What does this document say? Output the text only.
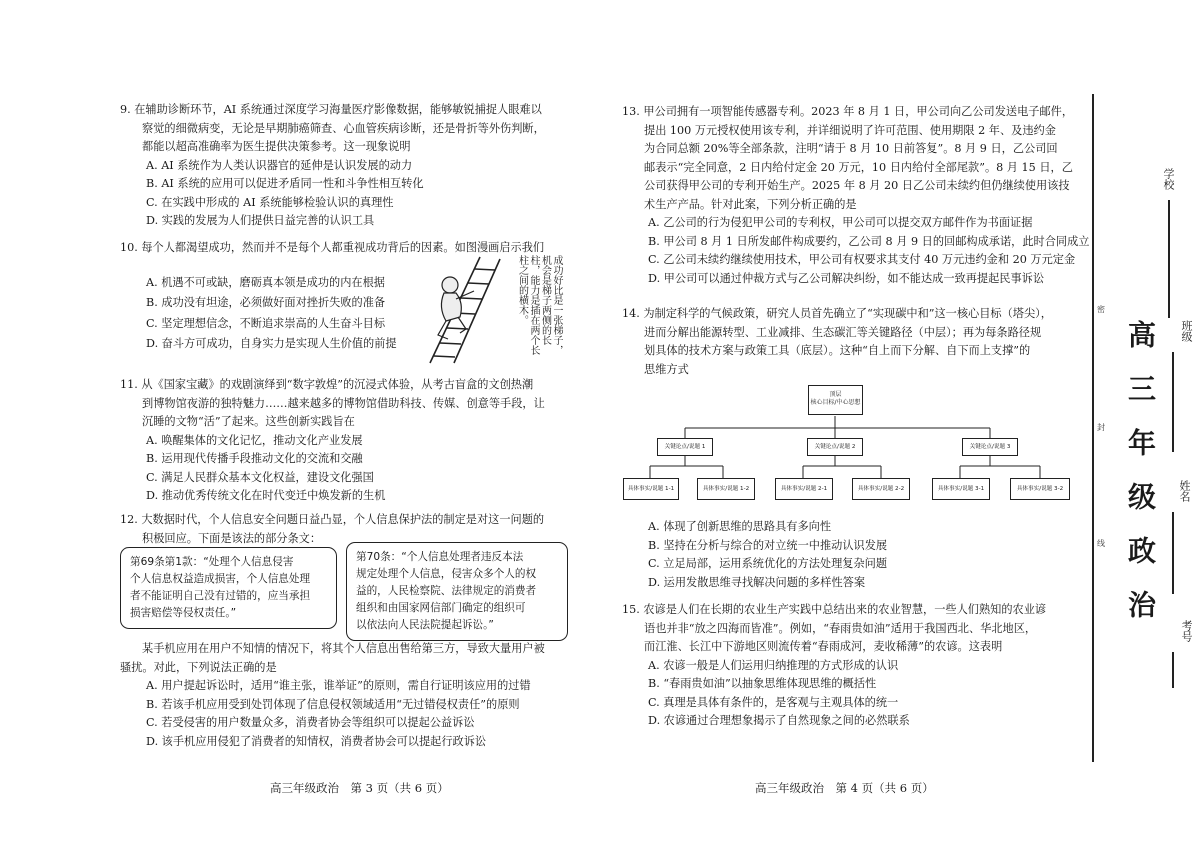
9. 在辅助诊断环节，AI 系统通过深度学习海量医疗影像数据，能够敏锐捕捉人眼难以

察觉的细微病变，无论是早期肺癌筛查、心血管疾病诊断，还是骨折等外伤判断，

都能以超高准确率为医生提供决策参考。这一现象说明

A. AI 系统作为人类认识器官的延伸是认识发展的动力

B. AI 系统的应用可以促进矛盾同一性和斗争性相互转化

C. 在实践中形成的 AI 系统能够检验认识的真理性

D. 实践的发展为人们提供日益完善的认识工具

10. 每个人都渴望成功，然而并不是每个人都重视成功背后的因素。如图漫画启示我们

A. 机遇不可或缺，磨砺真本领是成功的内在根据

B. 成功没有坦途，必须做好面对挫折失败的准备

C. 坚定理想信念，不断追求崇高的人生奋斗目标

D. 奋斗方可成功，自身实力是实现人生价值的前提	成功好比是一张梯子，机会是梯子两侧的长柱，能力是插在两个长柱之间的横木。

11. 从《国家宝藏》的戏剧演绎到“数字敦煌”的沉浸式体验，从考古盲盒的文创热潮

到博物馆夜游的独特魅力……越来越多的博物馆借助科技、传媒、创意等手段，让

沉睡的文物“活”了起来。这些创新实践旨在

A. 唤醒集体的文化记忆，推动文化产业发展

B. 运用现代传播手段推动文化的交流和交融

C. 满足人民群众基本文化权益，建设文化强国

D. 推动优秀传统文化在时代变迁中焕发新的生机

12. 大数据时代，个人信息安全问题日益凸显，个人信息保护法的制定是对这一问题的

积极回应。下面是该法的部分条文：

第69条第1款：“处理个人信息侵害

个人信息权益造成损害，个人信息处理

者不能证明自己没有过错的，应当承担

损害赔偿等侵权责任。”

第70条：“个人信息处理者违反本法

规定处理个人信息，侵害众多个人的权

益的，人民检察院、法律规定的消费者

组织和由国家网信部门确定的组织可

以依法向人民法院提起诉讼。”

某手机应用在用户不知情的情况下，将其个人信息出售给第三方，导致大量用户被

骚扰。对此，下列说法正确的是

A. 用户提起诉讼时，适用“谁主张，谁举证”的原则，需自行证明该应用的过错

B. 若该手机应用受到处罚体现了信息侵权领域适用“无过错侵权责任”的原则

C. 若受侵害的用户数量众多，消费者协会等组织可以提起公益诉讼

D. 该手机应用侵犯了消费者的知情权，消费者协会可以提起行政诉讼

高三年级政治　第 3 页（共 6 页）

13. 甲公司拥有一项智能传感器专利。2023 年 8 月 1 日，甲公司向乙公司发送电子邮件，

提出 100 万元授权使用该专利，并详细说明了许可范围、使用期限 2 年、及违约金

为合同总额 20%等全部条款，注明“请于 8 月 10 日前答复”。8 月 9 日，乙公司回

邮表示“完全同意，2 日内给付定金 20 万元，10 日内给付全部尾款”。8 月 15 日，乙

公司获得甲公司的专利开始生产。2025 年 8 月 20 日乙公司未续约但仍继续使用该技

术生产产品。针对此案，下列分析正确的是

A. 乙公司的行为侵犯甲公司的专利权，甲公司可以提交双方邮件作为书面证据

B. 甲公司 8 月 1 日所发邮件构成要约，乙公司 8 月 9 日的回邮构成承诺，此时合同成立

C. 乙公司未续约继续使用技术，甲公司有权要求其支付 40 万元违约金和 20 万元定金

D. 甲公司可以通过仲裁方式与乙公司解决纠纷，如不能达成一致再提起民事诉讼

14. 为制定科学的气候政策，研究人员首先确立了“实现碳中和”这一核心目标（塔尖），

进而分解出能源转型、工业减排、生态碳汇等关键路径（中层）；再为每条路径规

划具体的技术方案与政策工具（底层）。这种“自上而下分解、自下而上支撑”的

思维方式

A. 体现了创新思维的思路具有多向性

B. 坚持在分析与综合的对立统一中推动认识发展

C. 立足局部，运用系统优化的方法处理复杂问题

D. 运用发散思维寻找解决问题的多样性答案

15. 农谚是人们在长期的农业生产实践中总结出来的农业智慧，一些人们熟知的农业谚

语也并非“放之四海而皆准”。例如，“春雨贵如油”适用于我国西北、华北地区，

而江淮、长江中下游地区则流传着“春雨成河，麦收稀薄”的农谚。这表明

A. 农谚一般是人们运用归纳推理的方式形成的认识

B. “春雨贵如油”以抽象思维体现思维的概括性

C. 真理是具体有条件的，是客观与主观具体的统一

D. 农谚通过合理想象揭示了自然现象之间的必然联系

高三年级政治　第 4 页（共 6 页）
顶层
核心目标/中心思想
关键论点/说题 1	关键论点/说题 2	关键论点/说题 3
具体事实/说题 1-1	具体事实/说题 1-2	具体事实/说题 2-1	具体事实/说题 2-2	具体事实/说题 3-1	具体事实/说题 3-2
密
封
线 高三年级政治
学校
班级
姓名
考号
